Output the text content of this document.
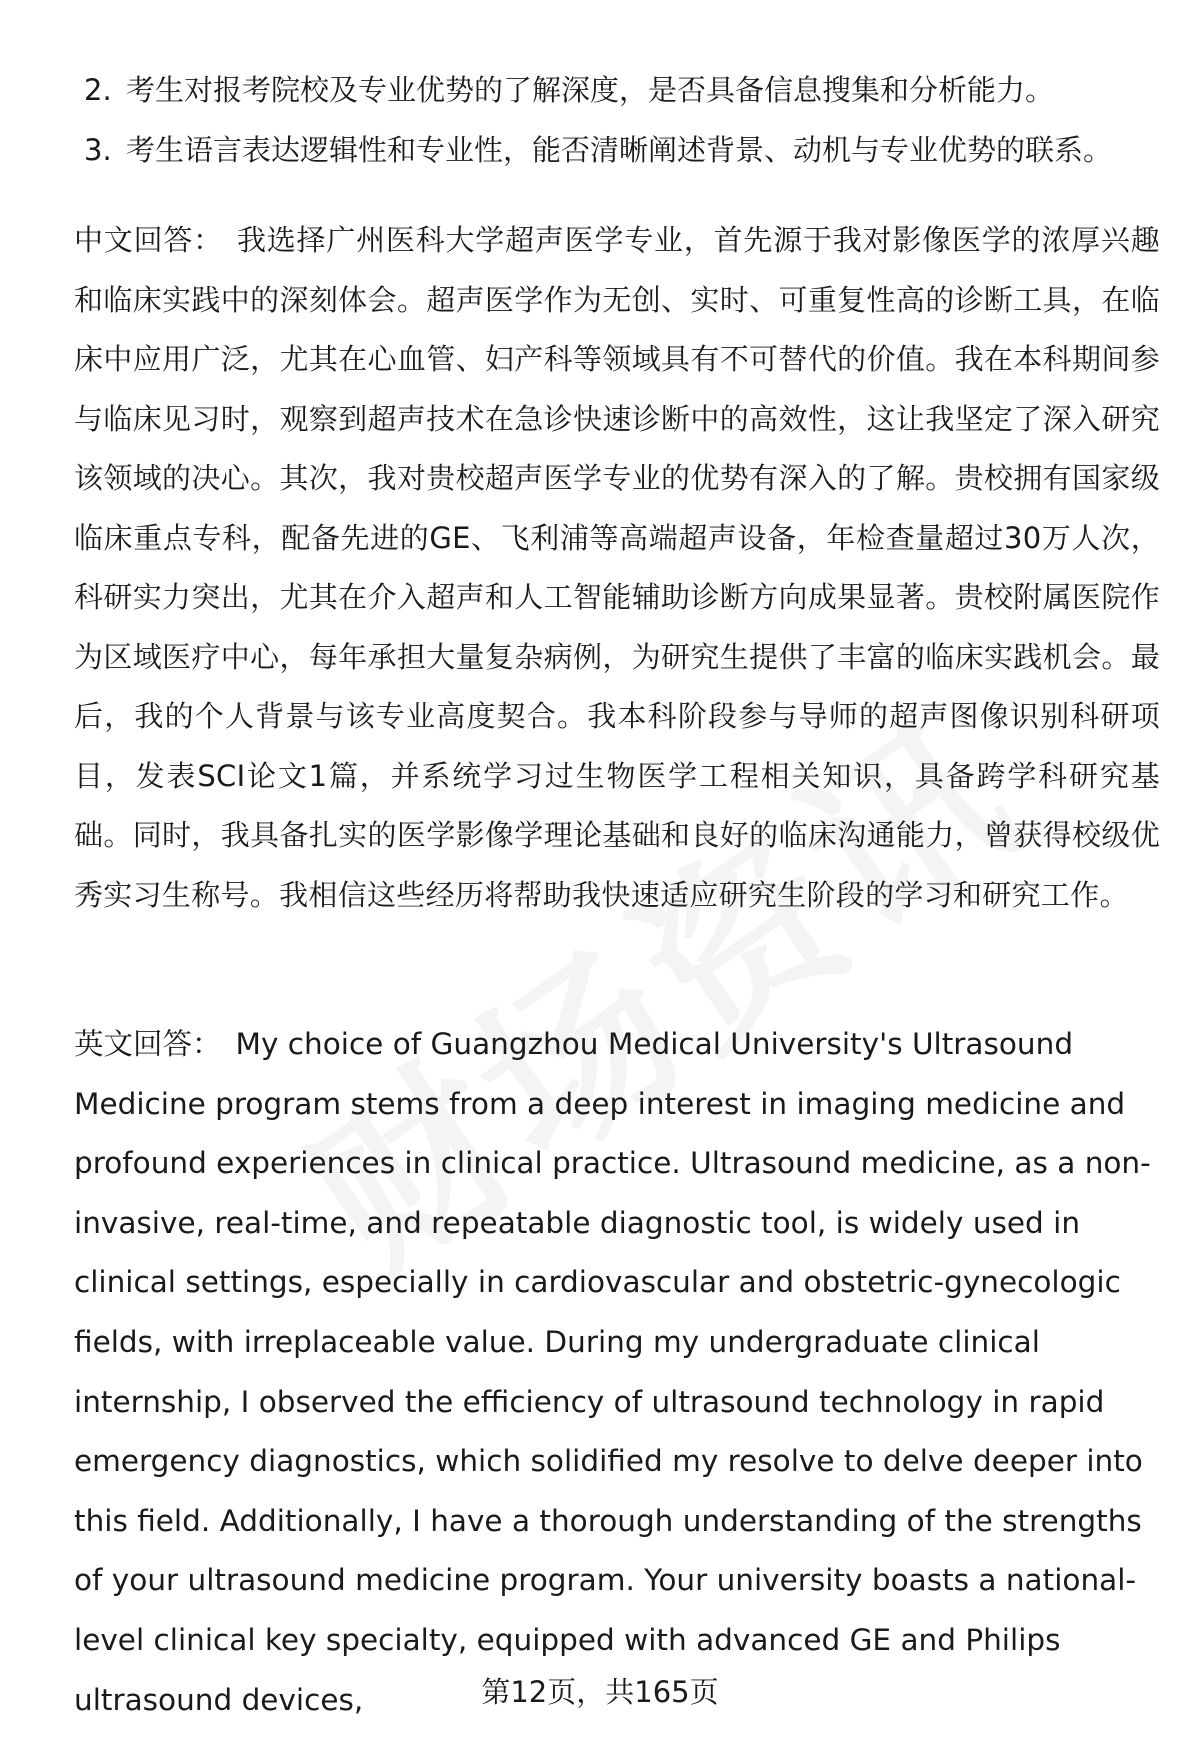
2. 考生对报考院校及专业优势的了解深度，是否具备信息搜集和分析能力。
3. 考生语言表达逻辑性和专业性，能否清晰阐述背景、动机与专业优势的联系。

中文回答： 我选择广州医科大学超声医学专业，首先源于我对影像医学的浓厚兴趣和临床实践中的深刻体会。超声医学作为无创、实时、可重复性高的诊断工具，在临床中应用广泛，尤其在心血管、妇产科等领域具有不可替代的价值。我在本科期间参与临床见习时，观察到超声技术在急诊快速诊断中的高效性，这让我坚定了深入研究该领域的决心。其次，我对贵校超声医学专业的优势有深入的了解。贵校拥有国家级临床重点专科，配备先进的GE、飞利浦等高端超声设备，年检查量超过30万人次，科研实力突出，尤其在介入超声和人工智能辅助诊断方向成果显著。贵校附属医院作为区域医疗中心，每年承担大量复杂病例，为研究生提供了丰富的临床实践机会。最后，我的个人背景与该专业高度契合。我本科阶段参与导师的超声图像识别科研项目，发表SCI论文1篇，并系统学习过生物医学工程相关知识，具备跨学科研究基础。同时，我具备扎实的医学影像学理论基础和良好的临床沟通能力，曾获得校级优秀实习生称号。我相信这些经历将帮助我快速适应研究生阶段的学习和研究工作。

英文回答： My choice of Guangzhou Medical University's Ultrasound Medicine program stems from a deep interest in imaging medicine and profound experiences in clinical practice. Ultrasound medicine, as a non-invasive, real-time, and repeatable diagnostic tool, is widely used in clinical settings, especially in cardiovascular and obstetric-gynecologic fields, with irreplaceable value. During my undergraduate clinical internship, I observed the efficiency of ultrasound technology in rapid emergency diagnostics, which solidified my resolve to delve deeper into this field. Additionally, I have a thorough understanding of the strengths of your ultrasound medicine program. Your university boasts a national-level clinical key specialty, equipped with advanced GE and Philips ultrasound devices,	第12页，共165页
